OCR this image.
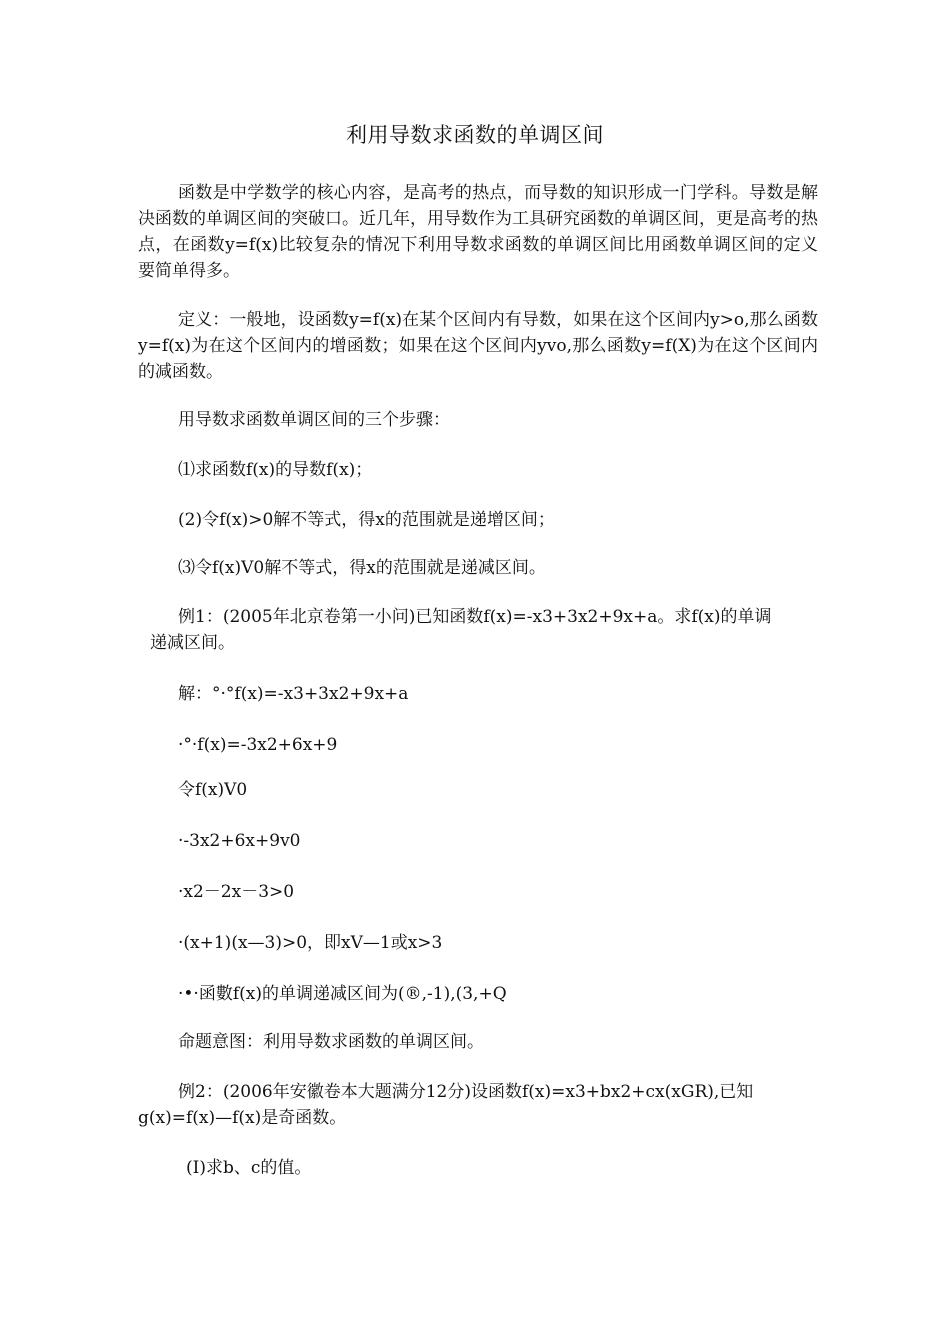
利用导数求函数的单调区间
函数是中学数学的核心内容，是高考的热点，而导数的知识形成一门学科。导数是解决函数的单调区间的突破口。近几年，用导数作为工具研究函数的单调区间，更是高考的热点，在函数y=f(x)比较复杂的情况下利用导数求函数的单调区间比用函数单调区间的定义要简单得多。
定义：一般地，设函数y=f(x)在某个区间内有导数，如果在这个区间内y>o,那么函数y=f(x)为在这个区间内的增函数；如果在这个区间内yvo,那么函数y=f(X)为在这个区间内的减函数。
用导数求函数单调区间的三个步骤：
⑴求函数f(x)的导数f(x)；
(2)令f(x)>0解不等式，得x的范围就是递增区间；
⑶令f(x)V0解不等式，得x的范围就是递减区间。
例1：(2005年北京卷第一小问)已知函数f(x)=-x3+3x2+9x+a。求f(x)的单调
递减区间。
解：°·°f(x)=-x3+3x2+9x+a
·°·f(x)=-3x2+6x+9
令f(x)V0
·-3x2+6x+9v0
·x2－2x－3>0
·(x+1)(x—3)>0，即xV—1或x>3
·•·函數f(x)的单调递减区间为(®,-1),(3,+Q
命题意图：利用导数求函数的单调区间。
例2：(2006年安徽卷本大题满分12分)设函数f(x)=x3+bx2+cx(xGR),已知
g(x)=f(x)—f(x)是奇函数。
(I)求b、c的值。
